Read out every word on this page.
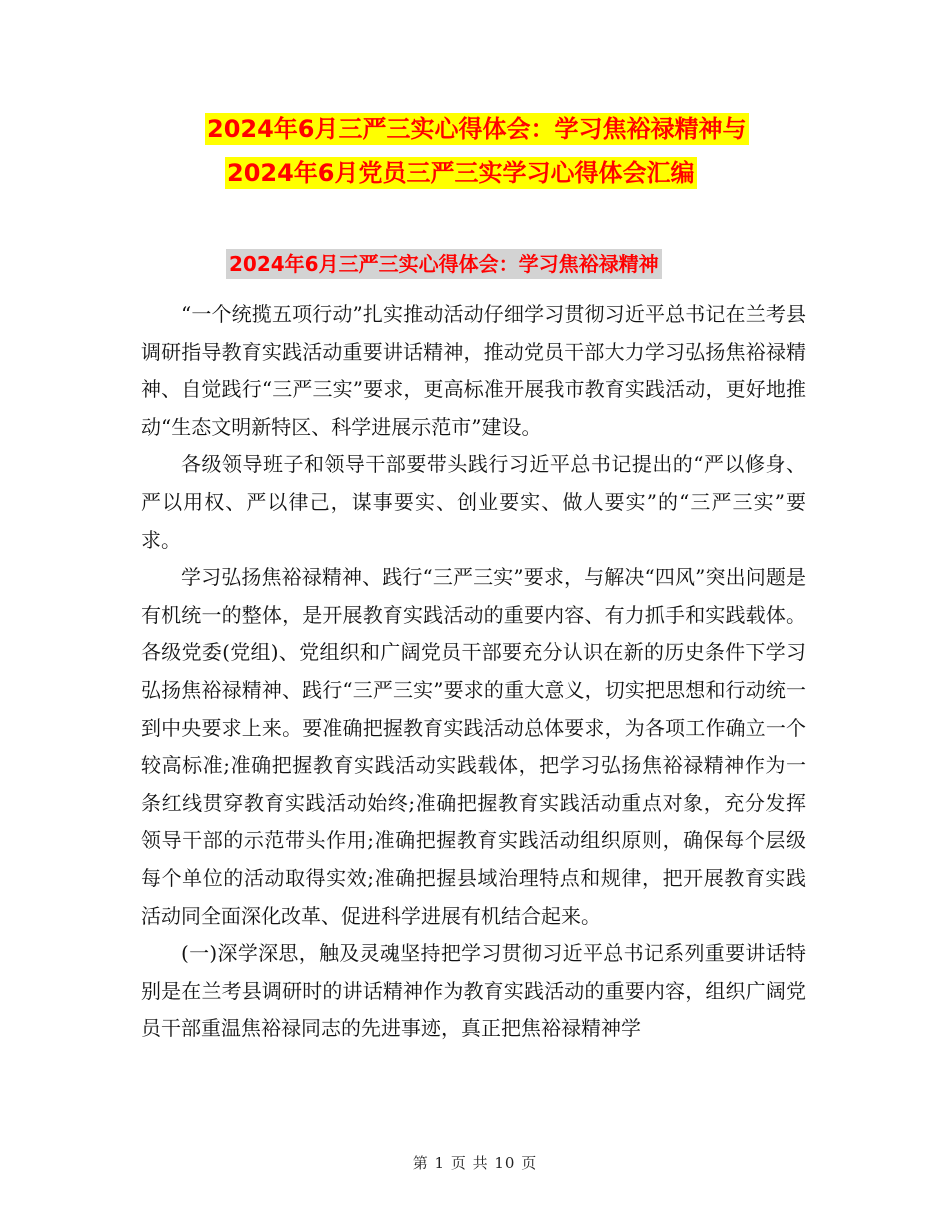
2024年6月三严三实心得体会：学习焦裕禄精神与
2024年6月党员三严三实学习心得体会汇编
2024年6月三严三实心得体会：学习焦裕禄精神

“一个统揽五项行动”扎实推动活动仔细学习贯彻习近平总书记在兰考县调研指导教育实践活动重要讲话精神，推动党员干部大力学习弘扬焦裕禄精神、自觉践行“三严三实”要求，更高标准开展我市教育实践活动，更好地推动“生态文明新特区、科学进展示范市”建设。

各级领导班子和领导干部要带头践行习近平总书记提出的“严以修身、严以用权、严以律己，谋事要实、创业要实、做人要实”的“三严三实”要求。

学习弘扬焦裕禄精神、践行“三严三实”要求，与解决“四风”突出问题是有机统一的整体，是开展教育实践活动的重要内容、有力抓手和实践载体。各级党委(党组)、党组织和广阔党员干部要充分认识在新的历史条件下学习弘扬焦裕禄精神、践行“三严三实”要求的重大意义，切实把思想和行动统一到中央要求上来。要准确把握教育实践活动总体要求，为各项工作确立一个较高标准;准确把握教育实践活动实践载体，把学习弘扬焦裕禄精神作为一条红线贯穿教育实践活动始终;准确把握教育实践活动重点对象，充分发挥领导干部的示范带头作用;准确把握教育实践活动组织原则，确保每个层级每个单位的活动取得实效;准确把握县域治理特点和规律，把开展教育实践活动同全面深化改革、促进科学进展有机结合起来。

(一)深学深思，触及灵魂坚持把学习贯彻习近平总书记系列重要讲话特别是在兰考县调研时的讲话精神作为教育实践活动的重要内容，组织广阔党员干部重温焦裕禄同志的先进事迹，真正把焦裕禄精神学

第 1 页 共 10 页
